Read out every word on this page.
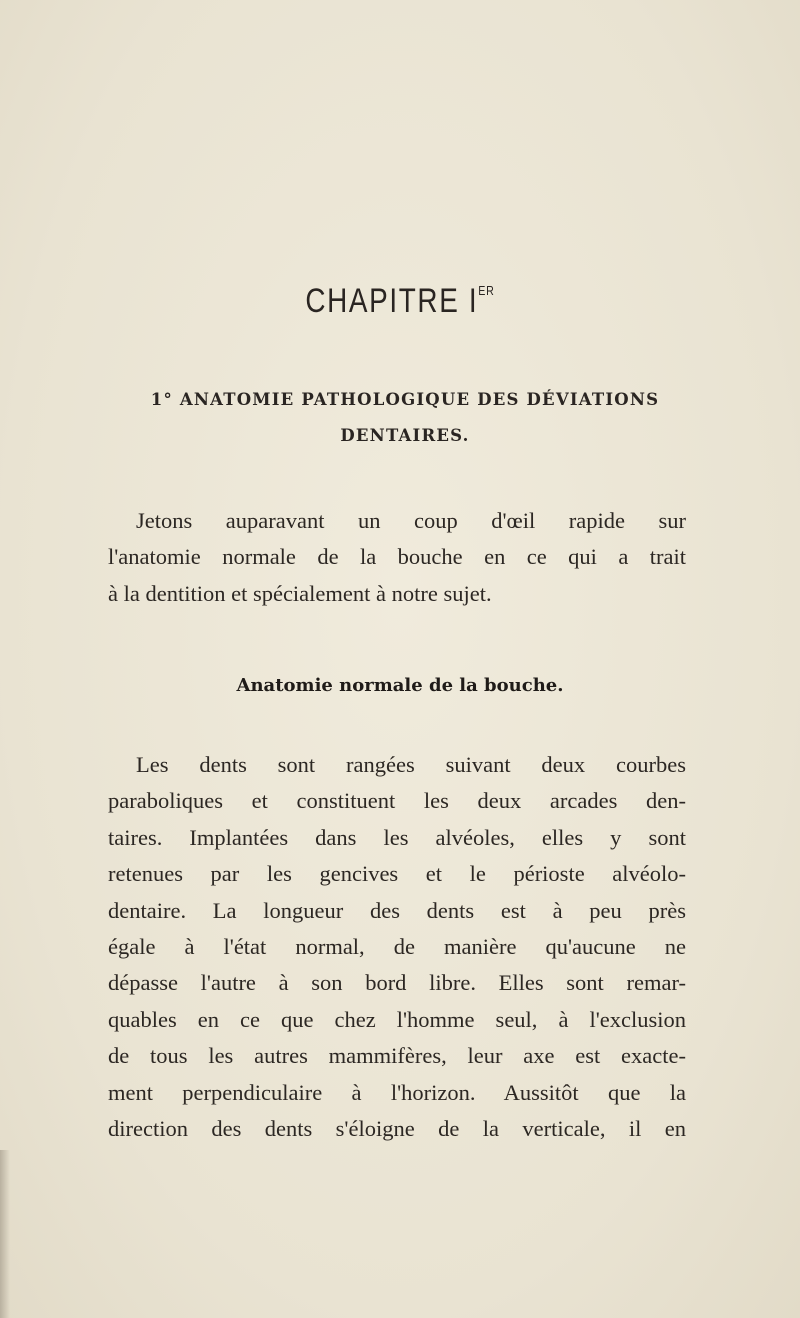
CHAPITRE IER
1° ANATOMIE PATHOLOGIQUE DES DÉVIATIONS
DENTAIRES.
Jetons auparavant un coup d'œil rapide sur
l'anatomie normale de la bouche en ce qui a trait
à la dentition et spécialement à notre sujet.
Anatomie normale de la bouche.
Les dents sont rangées suivant deux courbes
paraboliques et constituent les deux arcades den-
taires. Implantées dans les alvéoles, elles y sont
retenues par les gencives et le périoste alvéolo-
dentaire. La longueur des dents est à peu près
égale à l'état normal, de manière qu'aucune ne
dépasse l'autre à son bord libre. Elles sont remar-
quables en ce que chez l'homme seul, à l'exclusion
de tous les autres mammifères, leur axe est exacte-
ment perpendiculaire à l'horizon. Aussitôt que la
direction des dents s'éloigne de la verticale, il en
